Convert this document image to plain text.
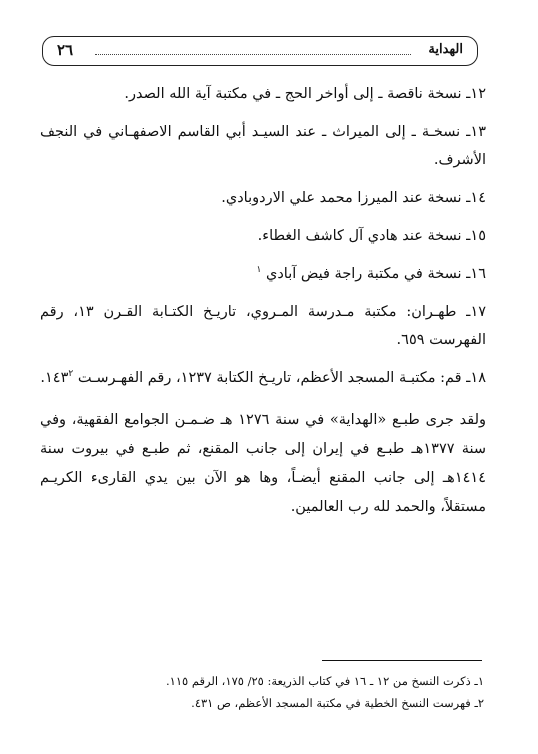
٢٦	الهداية

١٢ـ نسخة ناقصة ـ إلى أواخر الحج ـ في مكتبة آية الله الصدر.

١٣ـ نسخـة ـ إلى الميراث ـ عند السيـد أبي القاسم الاصفهـاني في النجف الأشرف.

١٤ـ نسخة عند الميرزا محمد علي الاردوبادي.

١٥ـ نسخة عند هادي آل كاشف الغطاء.

١٦ـ نسخة في مكتبة راجة فيض آبادي $^١$

١٧ـ طهـران: مكتبة مـدرسة المـروي، تاريـخ الكتـابة القـرن ١٣، رقم الفهرست ٦٥٩.

١٨ـ قم: مكتبـة المسجد الأعظم، تاريـخ الكتابة ١٢٣٧، رقم الفهـرسـت $١٤٣^٢$.

ولقد جرى طبـع «الهداية» في سنة ١٢٧٦ هـ ضـمـن الجوامع الفقهية، وفي سنة ١٣٧٧هـ طبـع في إيران إلى جانب المقنع، ثم طبـع في بيروت سنة ١٤١٤هـ إلى جانب المقنع أيضـاً، وها هو الآن بين يدي القارىء الكريـم مستقلاً، والحمد لله رب العالمين.

١ـ ذكرت النسخ من ١٢ ـ ١٦ في كتاب الذريعة: ٢٥/ ١٧٥، الرقم ١١٥.

٢ـ فهرست النسخ الخطية في مكتبة المسجد الأعظم، ص ٤٣١.
